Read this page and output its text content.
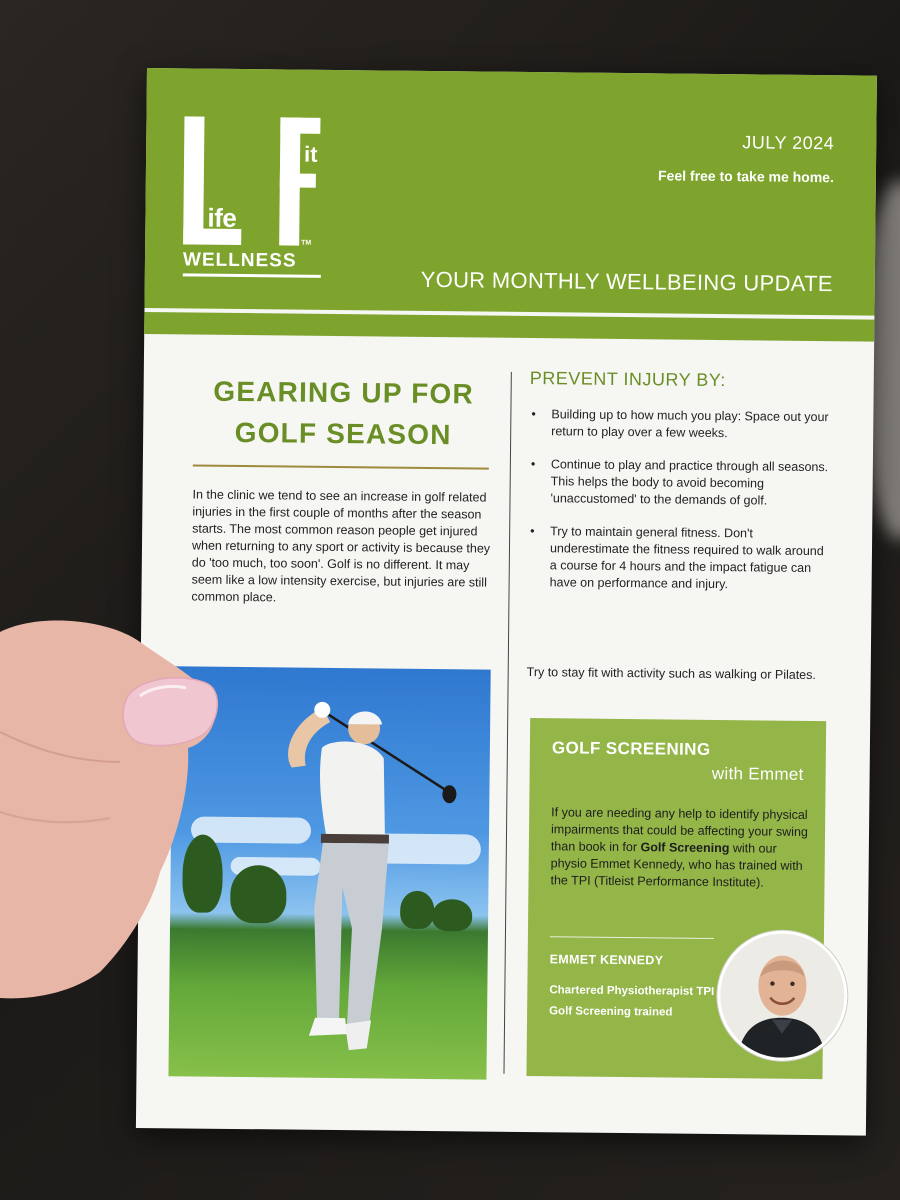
ife
it
TM
WELLNESS
JULY 2024
Feel free to take me home.
YOUR MONTHLY WELLBEING UPDATE
GEARING UP FOR
GOLF SEASON
In the clinic we tend to see an increase in golf related injuries in the first couple of months after the season starts. The most common reason people get injured when returning to any sport or activity is because they do 'too much, too soon'. Golf is no different. It may seem like a low intensity exercise, but injuries are still common place.
PREVENT INJURY BY:
• Building up to how much you play: Space out your return to play over a few weeks.
• Continue to play and practice through all seasons. This helps the body to avoid becoming 'unaccustomed' to the demands of golf.
• Try to maintain general fitness. Don't underestimate the fitness required to walk around a course for 4 hours and the impact fatigue can have on performance and injury.
Try to stay fit with activity such as walking or Pilates.
GOLF SCREENING
with Emmet
If you are needing any help to identify physical impairments that could be affecting your swing than book in for Golf Screening with our physio Emmet Kennedy, who has trained with the TPI (Titleist Performance Institute).
EMMET KENNEDY
Chartered Physiotherapist TPI Golf Screening trained
